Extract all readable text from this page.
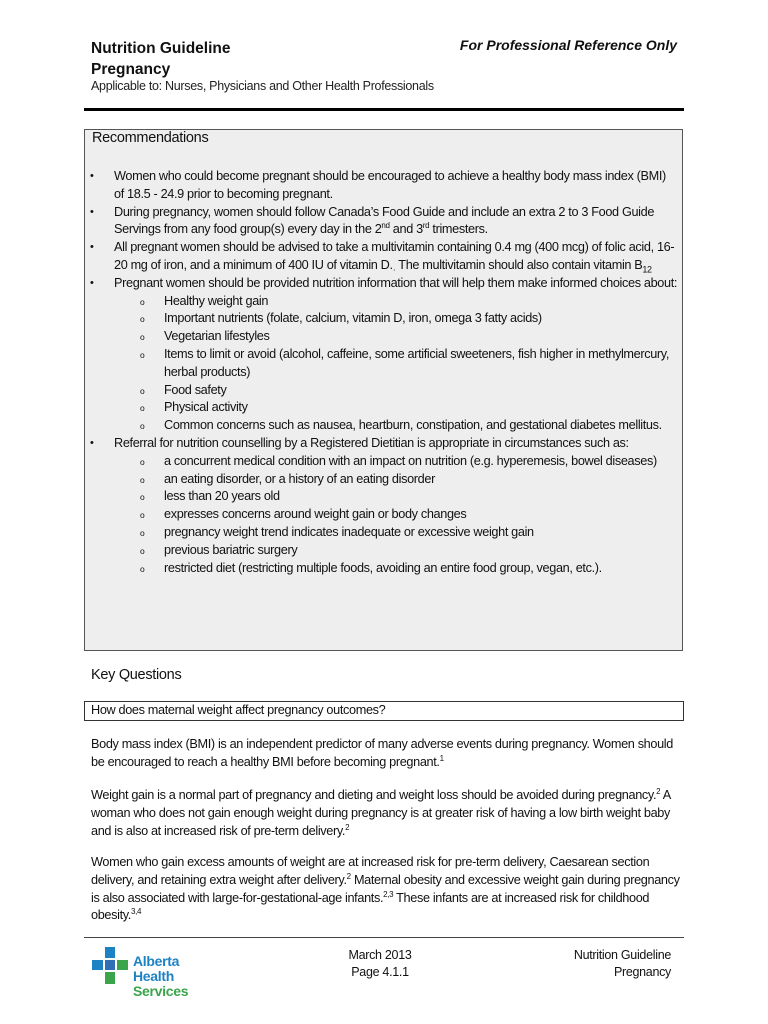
Nutrition Guideline
Pregnancy
For Professional Reference Only
Applicable to: Nurses, Physicians and Other Health Professionals
Recommendations
• Women who could become pregnant should be encouraged to achieve a healthy body mass index (BMI) of 18.5 - 24.9 prior to becoming pregnant.
• During pregnancy, women should follow Canada’s Food Guide and include an extra 2 to 3 Food Guide Servings from any food group(s) every day in the 2nd and 3rd trimesters.
• All pregnant women should be advised to take a multivitamin containing 0.4 mg (400 mcg) of folic acid, 16-20 mg of iron, and a minimum of 400 IU of vitamin $D._\cdot$ The multivitamin should also contain vitamin $B_{12}$
• Pregnant women should be provided nutrition information that will help them make informed choices about:
o Healthy weight gain
o Important nutrients (folate, calcium, vitamin D, iron, omega 3 fatty acids)
o Vegetarian lifestyles
o Items to limit or avoid (alcohol, caffeine, some artificial sweeteners, fish higher in methylmercury, herbal products)
o Food safety
o Physical activity
o Common concerns such as nausea, heartburn, constipation, and gestational diabetes mellitus.
• Referral for nutrition counselling by a Registered Dietitian is appropriate in circumstances such as:
o a concurrent medical condition with an impact on nutrition (e.g. hyperemesis, bowel diseases)
o an eating disorder, or a history of an eating disorder
o less than 20 years old
o expresses concerns around weight gain or body changes
o pregnancy weight trend indicates inadequate or excessive weight gain
o previous bariatric surgery
o restricted diet (restricting multiple foods, avoiding an entire food group, vegan, etc.).
Key Questions
How does maternal weight affect pregnancy outcomes?

Body mass index (BMI) is an independent predictor of many adverse events during pregnancy. Women should be encouraged to reach a healthy BMI before becoming pregnant.$^1$

Weight gain is a normal part of pregnancy and dieting and weight loss should be avoided during pregnancy.$^2$ A woman who does not gain enough weight during pregnancy is at greater risk of having a low birth weight baby and is also at increased risk of pre-term delivery.$^2$

Women who gain excess amounts of weight are at increased risk for pre-term delivery, Caesarean section delivery, and retaining extra weight after delivery.$^2$ Maternal obesity and excessive weight gain during pregnancy is also associated with large-for-gestational-age infants.$^{2,3}$ These infants are at increased risk for childhood obesity.$^{3,4}$

Alberta Health
Services
March 2013
Page 4.1.1
Nutrition Guideline
Pregnancy
